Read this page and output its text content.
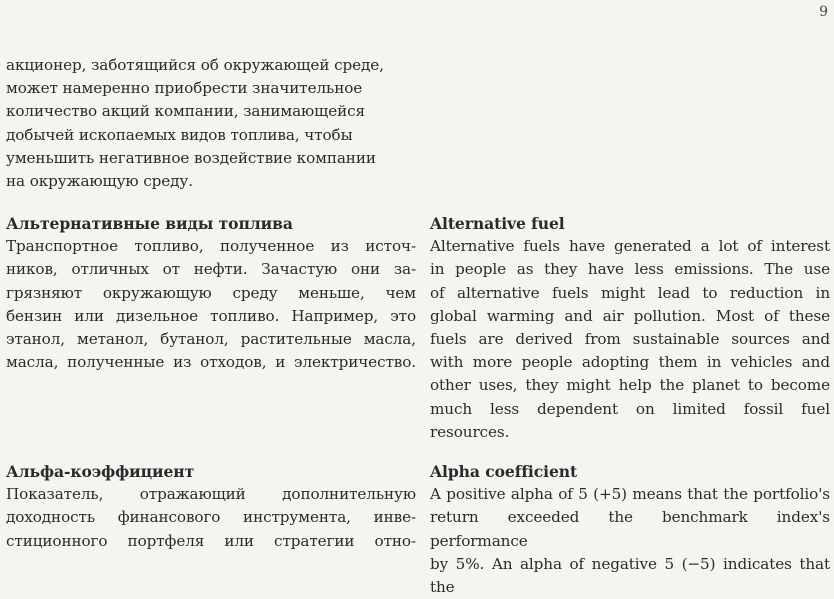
9
акционер, заботящийся об окружающей среде,
может намеренно приобрести значительное
количество акций компании, занимающейся
добычей ископаемых видов топлива, чтобы
уменьшить негативное воздействие компании
на окружающую среду.
Альтернативные виды топлива
Транспортное топливо, полученное из источ-
ников, отличных от нефти. Зачастую они за-
грязняют окружающую среду меньше, чем
бензин или дизельное топливо. Например, это
этанол, метанол, бутанол, растительные масла,
масла, полученные из отходов, и электричество.
Alternative fuel
Alternative fuels have generated a lot of interest
in people as they have less emissions. The use
of alternative fuels might lead to reduction in
global warming and air pollution. Most of these
fuels are derived from sustainable sources and
with more people adopting them in vehicles and
other uses, they might help the planet to become
much less dependent on limited fossil fuel
resources.
Альфа-коэффициент
Показатель, отражающий дополнительную
доходность финансового инструмента, инве-
стиционного портфеля или стратегии отно-
Alpha coefficient
A positive alpha of 5 (+5) means that the portfolio's
return exceeded the benchmark index's performance
by 5%. An alpha of negative 5 (−5) indicates that the
